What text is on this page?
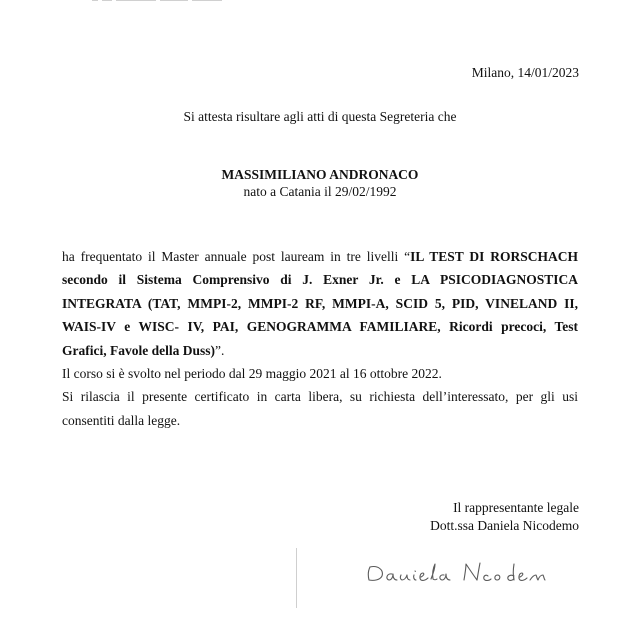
Milano, 14/01/2023
Si attesta risultare agli atti di questa Segreteria che
MASSIMILIANO ANDRONACO
nato a Catania il 29/02/1992

ha frequentato il Master annuale post lauream in tre livelli “IL TEST DI RORSCHACH secondo il Sistema Comprensivo di J. Exner Jr. e LA PSICODIAGNOSTICA INTEGRATA (TAT, MMPI-2, MMPI-2 RF, MMPI-A, SCID 5, PID, VINELAND II, WAIS-IV e WISC- IV, PAI, GENOGRAMMA FAMILIARE, Ricordi precoci, Test Grafici, Favole della Duss)”.

Il corso si è svolto nel periodo dal 29 maggio 2021 al 16 ottobre 2022.

Si rilascia il presente certificato in carta libera, su richiesta dell’interessato, per gli usi consentiti dalla legge.

Il rappresentante legale
Dott.ssa Daniela Nicodemo
